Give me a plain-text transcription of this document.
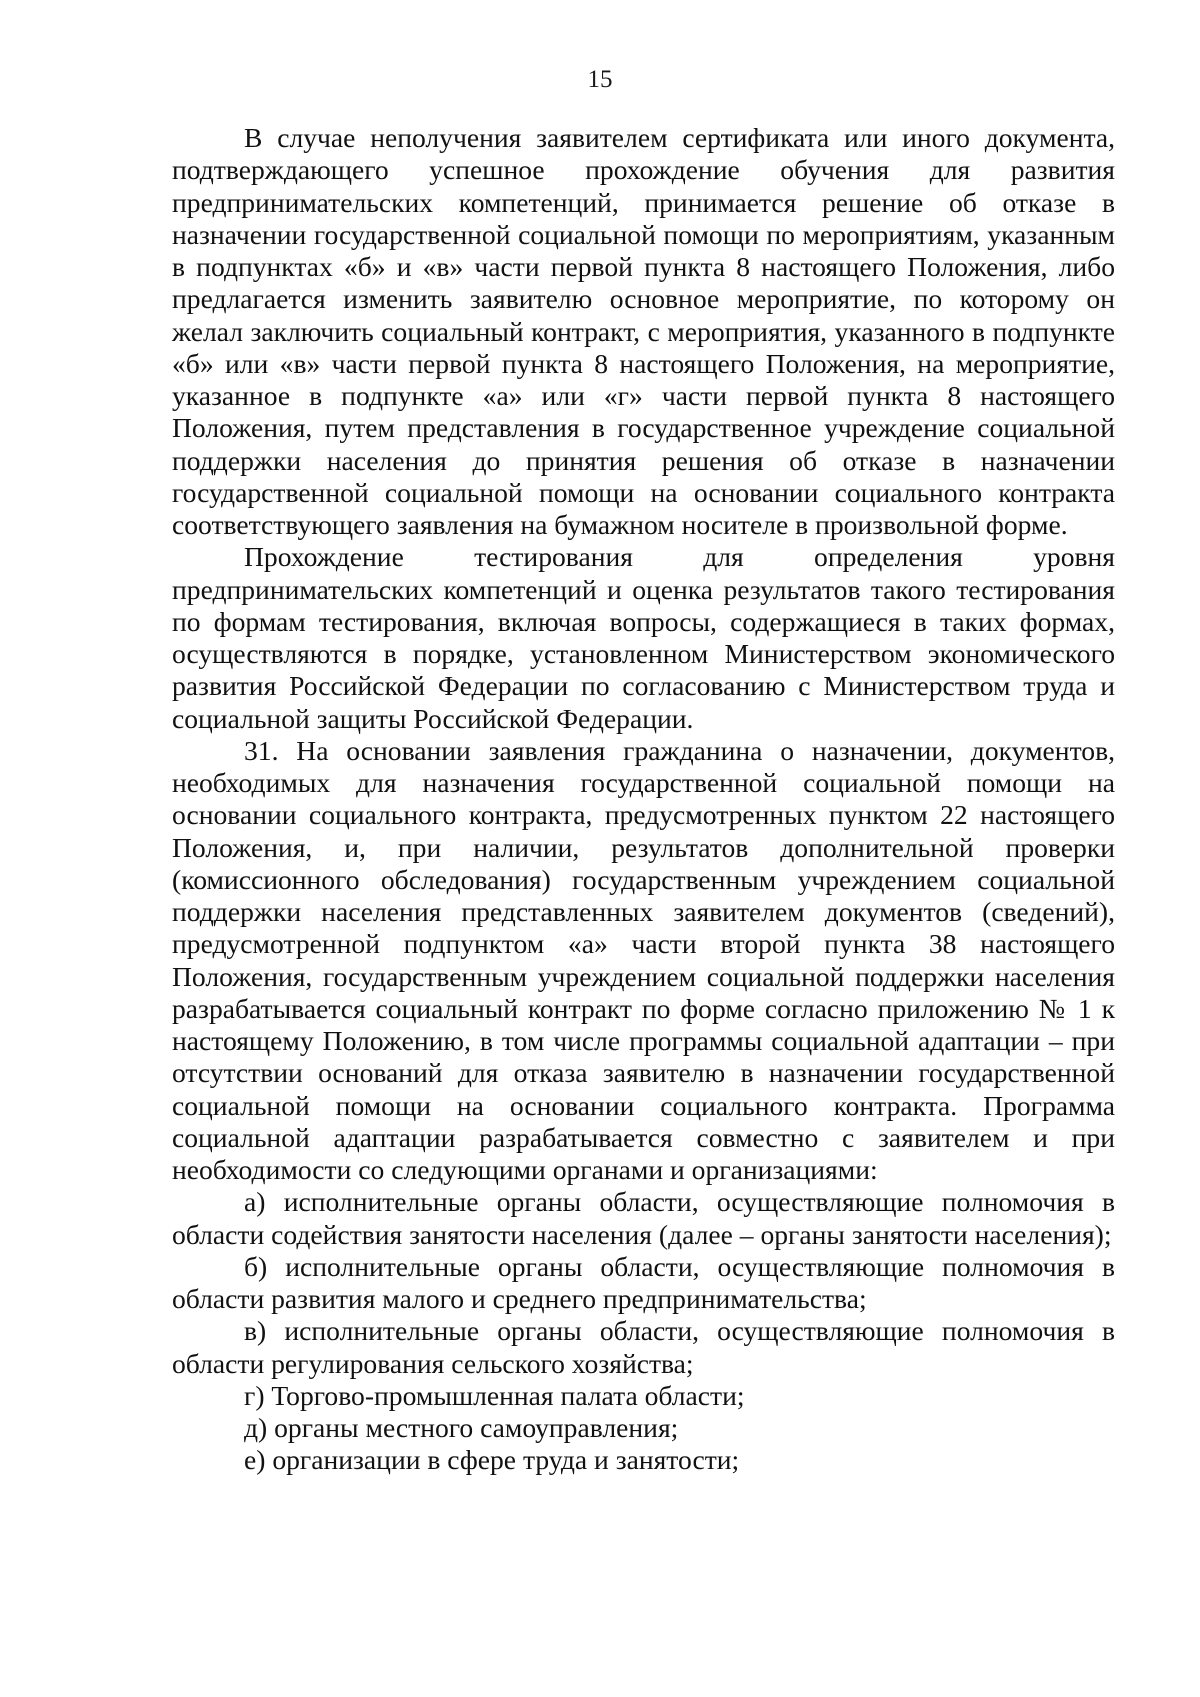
15

В случае неполучения заявителем сертификата или иного документа, подтверждающего успешное прохождение обучения для развития предпринимательских компетенций, принимается решение об отказе в назначении государственной социальной помощи по мероприятиям, указанным в подпунктах «б» и «в» части первой пункта 8 настоящего Положения, либо предлагается изменить заявителю основное мероприятие, по которому он желал заключить социальный контракт, с мероприятия, указанного в подпункте «б» или «в» части первой пункта 8 настоящего Положения, на мероприятие, указанное в подпункте «а» или «г» части первой пункта 8 настоящего Положения, путем представления в государственное учреждение социальной поддержки населения до принятия решения об отказе в назначении государственной социальной помощи на основании социального контракта соответствующего заявления на бумажном носителе в произвольной форме.

Прохождение тестирования для определения уровня предпринимательских компетенций и оценка результатов такого тестирования по формам тестирования, включая вопросы, содержащиеся в таких формах, осуществляются в порядке, установленном Министерством экономического развития Российской Федерации по согласованию с Министерством труда и социальной защиты Российской Федерации.

31. На основании заявления гражданина о назначении, документов, необходимых для назначения государственной социальной помощи на основании социального контракта, предусмотренных пунктом 22 настоящего Положения, и, при наличии, результатов дополнительной проверки (комиссионного обследования) государственным учреждением социальной поддержки населения представленных заявителем документов (сведений), предусмотренной подпунктом «а» части второй пункта 38 настоящего Положения, государственным учреждением социальной поддержки населения разрабатывается социальный контракт по форме согласно приложению № 1 к настоящему Положению, в том числе программы социальной адаптации – при отсутствии оснований для отказа заявителю в назначении государственной социальной помощи на основании социального контракта. Программа социальной адаптации разрабатывается совместно с заявителем и при необходимости со следующими органами и организациями:

а) исполнительные органы области, осуществляющие полномочия в области содействия занятости населения (далее – органы занятости населения);

б) исполнительные органы области, осуществляющие полномочия в области развития малого и среднего предпринимательства;

в) исполнительные органы области, осуществляющие полномочия в области регулирования сельского хозяйства;

г) Торгово-промышленная палата области;

д) органы местного самоуправления;

е) организации в сфере труда и занятости;
